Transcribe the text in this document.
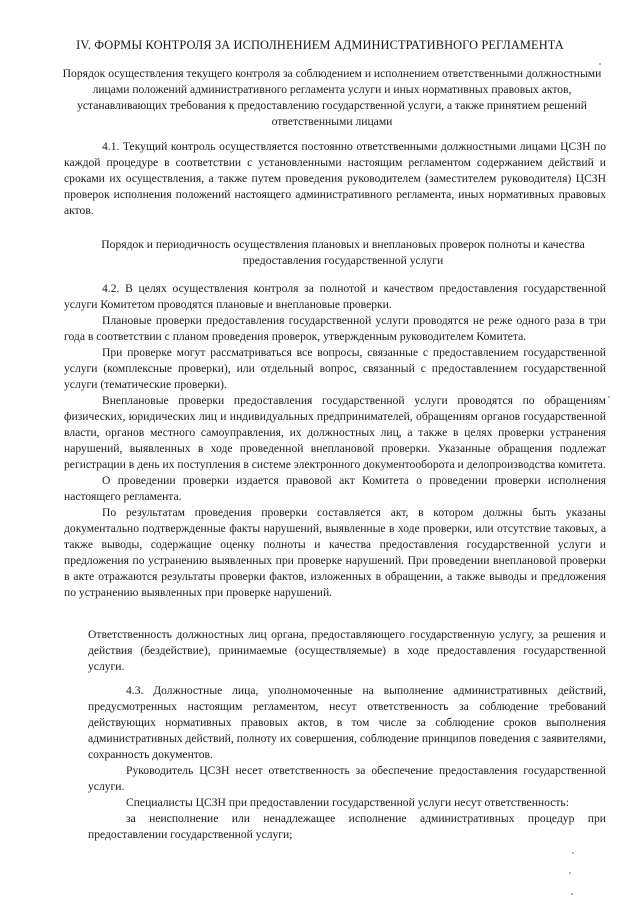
IV. ФОРМЫ КОНТРОЛЯ ЗА ИСПОЛНЕНИЕМ АДМИНИСТРАТИВНОГО РЕГЛАМЕНТА
Порядок осуществления текущего контроля за соблюдением и исполнением ответственными должностными лицами положений административного регламента услуги и иных нормативных правовых актов, устанавливающих требования к предоставлению государственной услуги, а также принятием решений ответственными лицами

4.1. Текущий контроль осуществляется постоянно ответственными должностными лицами ЦСЗН по каждой процедуре в соответствии с установленными настоящим регламентом содержанием действий и сроками их осуществления, а также путем проведения руководителем (заместителем руководителя) ЦСЗН проверок исполнения положений настоящего административного регламента, иных нормативных правовых актов.

Порядок и периодичность осуществления плановых и внеплановых проверок полноты и качества предоставления государственной услуги

4.2. В целях осуществления контроля за полнотой и качеством предоставления государственной услуги Комитетом проводятся плановые и внеплановые проверки.

Плановые проверки предоставления государственной услуги проводятся не реже одного раза в три года в соответствии с планом проведения проверок, утвержденным руководителем Комитета.

При проверке могут рассматриваться все вопросы, связанные с предоставлением государственной услуги (комплексные проверки), или отдельный вопрос, связанный с предоставлением государственной услуги (тематические проверки).

Внеплановые проверки предоставления государственной услуги проводятся по обращениям физических, юридических лиц и индивидуальных предпринимателей, обращениям органов государственной власти, органов местного самоуправления, их должностных лиц, а также в целях проверки устранения нарушений, выявленных в ходе проведенной внеплановой проверки. Указанные обращения подлежат регистрации в день их поступления в системе электронного документооборота и делопроизводства комитета.

О проведении проверки издается правовой акт Комитета о проведении проверки исполнения настоящего регламента.

По результатам проведения проверки составляется акт, в котором должны быть указаны документально подтвержденные факты нарушений, выявленные в ходе проверки, или отсутствие таковых, а также выводы, содержащие оценку полноты и качества предоставления государственной услуги и предложения по устранению выявленных при проверке нарушений. При проведении внеплановой проверки в акте отражаются результаты проверки фактов, изложенных в обращении, а также выводы и предложения по устранению выявленных при проверке нарушений.

Ответственность должностных лиц органа, предоставляющего государственную услугу, за решения и действия (бездействие), принимаемые (осуществляемые) в ходе предоставления государственной услуги.

4.3. Должностные лица, уполномоченные на выполнение административных действий, предусмотренных настоящим регламентом, несут ответственность за соблюдение требований действующих нормативных правовых актов, в том числе за соблюдение сроков выполнения административных действий, полноту их совершения, соблюдение принципов поведения с заявителями, сохранность документов.

Руководитель ЦСЗН несет ответственность за обеспечение предоставления государственной услуги.

Специалисты ЦСЗН при предоставлении государственной услуги несут ответственность:

за неисполнение или ненадлежащее исполнение административных процедур при предоставлении государственной услуги;
